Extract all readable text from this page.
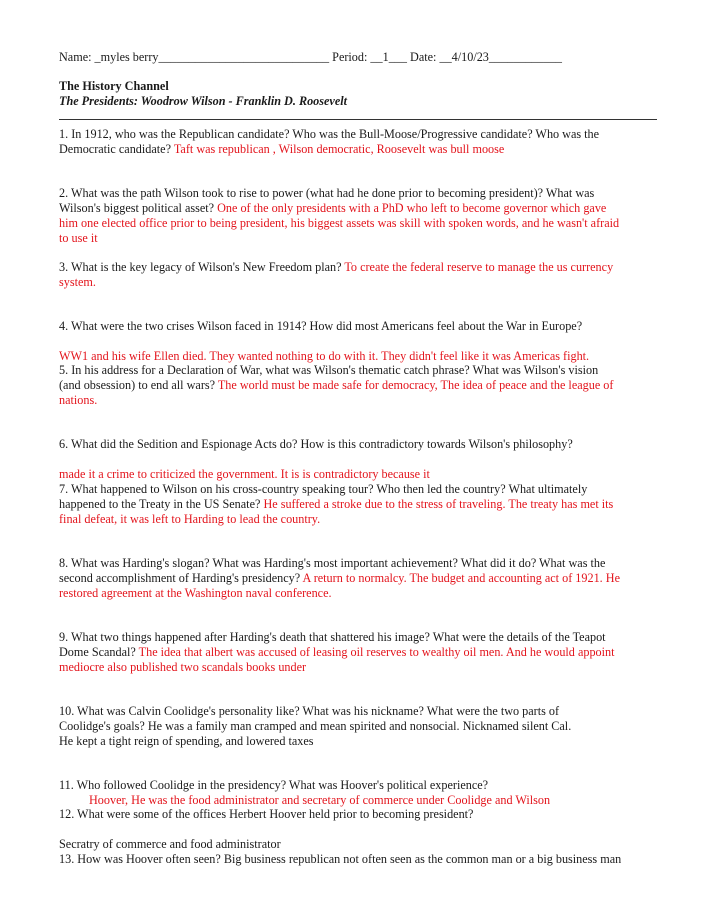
Name: _myles berry____________________________ Period: __1___ Date: __4/10/23____________
The History Channel
The Presidents: Woodrow Wilson - Franklin D. Roosevelt
1. In 1912, who was the Republican candidate? Who was the Bull-Moose/Progressive candidate? Who was the
Democratic candidate? Taft was republican , Wilson democratic, Roosevelt was bull moose
2. What was the path Wilson took to rise to power (what had he done prior to becoming president)? What was
Wilson's biggest political asset? One of the only presidents with a PhD who left to become governor which gave
him one elected office prior to being president, his biggest assets was skill with spoken words, and he wasn't afraid
to use it
3. What is the key legacy of Wilson's New Freedom plan? To create the federal reserve to manage the us currency
system.
4. What were the two crises Wilson faced in 1914? How did most Americans feel about the War in Europe?
WW1 and his wife Ellen died. They wanted nothing to do with it. They didn't feel like it was Americas fight.
5. In his address for a Declaration of War, what was Wilson's thematic catch phrase? What was Wilson's vision
(and obsession) to end all wars? The world must be made safe for democracy, The idea of peace and the league of
nations.
6. What did the Sedition and Espionage Acts do? How is this contradictory towards Wilson's philosophy?
made it a crime to criticized the government. It is is contradictory because it
7. What happened to Wilson on his cross-country speaking tour? Who then led the country? What ultimately
happened to the Treaty in the US Senate? He suffered a stroke due to the stress of traveling. The treaty has met its
final defeat, it was left to Harding to lead the country.
8. What was Harding's slogan? What was Harding's most important achievement? What did it do? What was the
second accomplishment of Harding's presidency? A return to normalcy. The budget and accounting act of 1921. He
restored agreement at the Washington naval conference.
9. What two things happened after Harding's death that shattered his image? What were the details of the Teapot
Dome Scandal? The idea that albert was accused of leasing oil reserves to wealthy oil men. And he would appoint
mediocre also published two scandals books under
10. What was Calvin Coolidge's personality like? What was his nickname? What were the two parts of
Coolidge's goals? He was a family man cramped and mean spirited and nonsocial. Nicknamed silent Cal.
He kept a tight reign of spending, and lowered taxes
11. Who followed Coolidge in the presidency? What was Hoover's political experience?
Hoover, He was the food administrator and secretary of commerce under Coolidge and Wilson
12. What were some of the offices Herbert Hoover held prior to becoming president?
Secratry of commerce and food administrator
13. How was Hoover often seen? Big business republican not often seen as the common man or a big business man
